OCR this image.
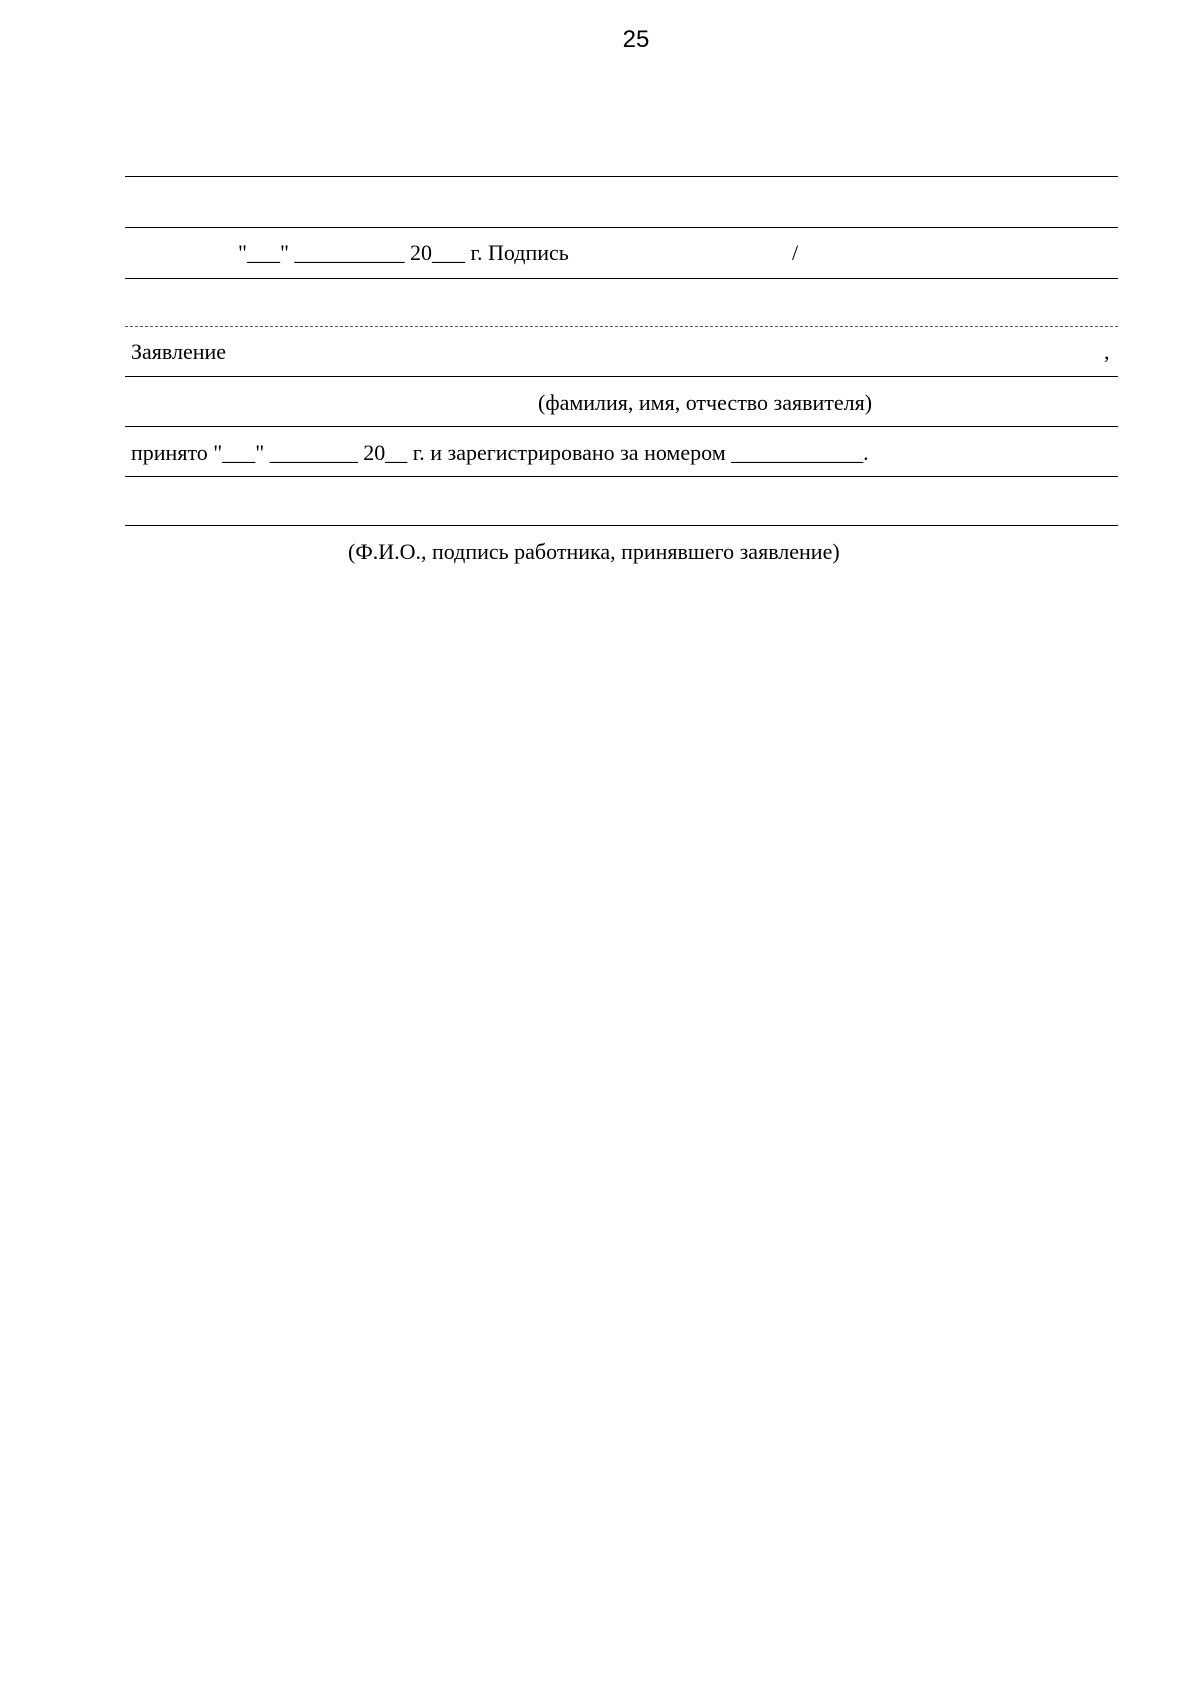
25
"___" __________ 20___ г. Подпись	/
Заявление	,
(фамилия, имя, отчество заявителя)
принято "___" ________ 20__ г. и зарегистрировано за номером ____________.
(Ф.И.О., подпись работника, принявшего заявление)
